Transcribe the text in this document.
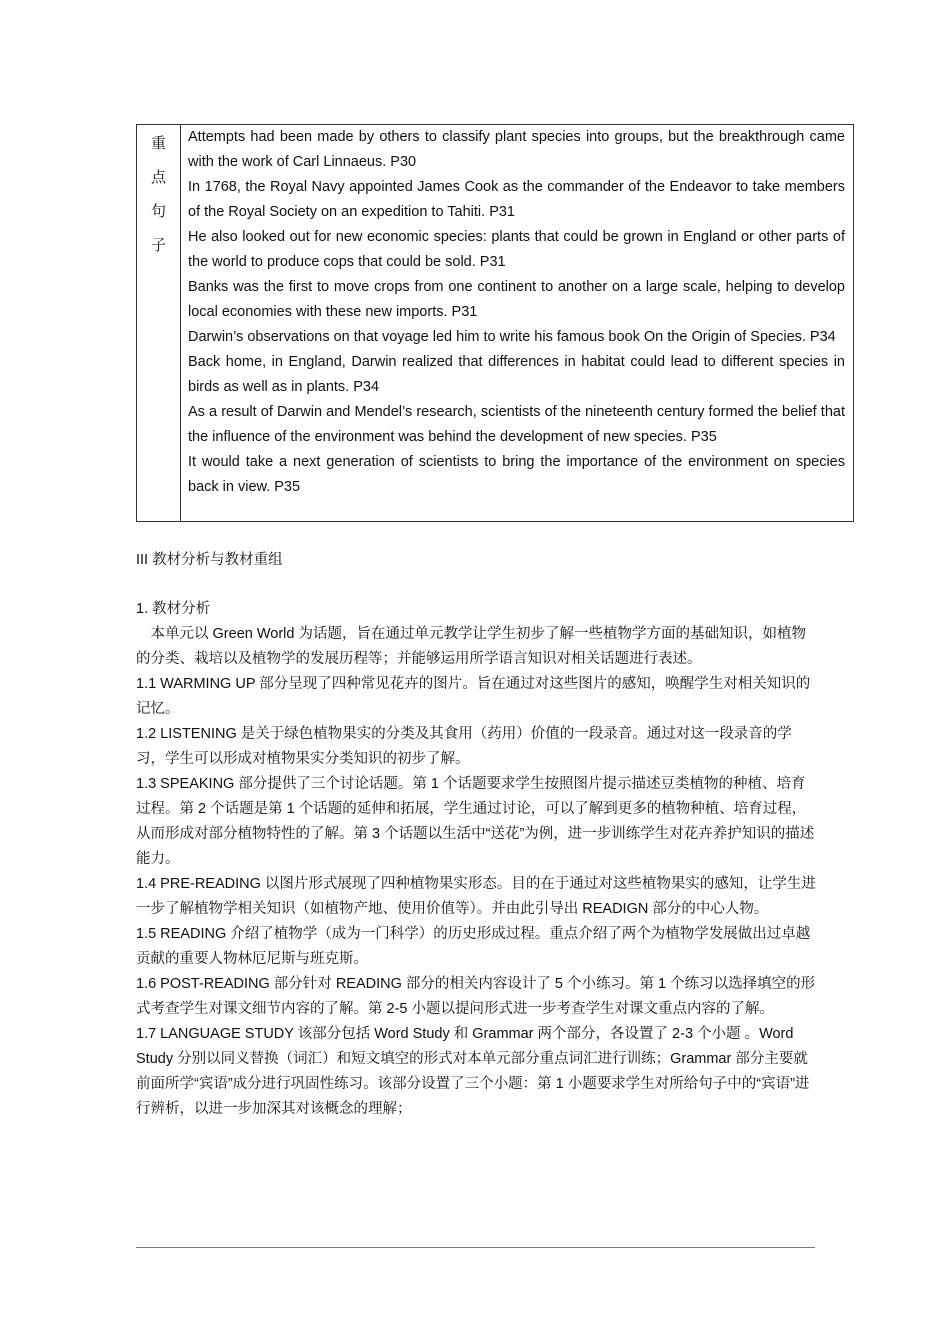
重
点
句
子

Attempts had been made by others to classify plant species into groups, but the breakthrough came with the work of Carl Linnaeus. P30

In 1768, the Royal Navy appointed James Cook as the commander of the Endeavor to take members of the Royal Society on an expedition to Tahiti. P31

He also looked out for new economic species: plants that could be grown in England or other parts of the world to produce cops that could be sold. P31

Banks was the first to move crops from one continent to another on a large scale, helping to develop local economies with these new imports. P31

Darwin’s observations on that voyage led him to write his famous book On the Origin of Species. P34

Back home, in England, Darwin realized that differences in habitat could lead to different species in birds as well as in plants. P34

As a result of Darwin and Mendel’s research, scientists of the nineteenth century formed the belief that the influence of the environment was behind the development of new species. P35

It would take a next generation of scientists to bring the importance of the environment on species back in view. P35

III 教材分析与教材重组

1. 教材分析

本单元以 Green World 为话题，旨在通过单元教学让学生初步了解一些植物学方面的基础知识，如植物的分类、栽培以及植物学的发展历程等；并能够运用所学语言知识对相关话题进行表述。

1.1 WARMING UP 部分呈现了四种常见花卉的图片。旨在通过对这些图片的感知，唤醒学生对相关知识的记忆。

1.2 LISTENING 是关于绿色植物果实的分类及其食用（药用）价值的一段录音。通过对这一段录音的学习，学生可以形成对植物果实分类知识的初步了解。

1.3 SPEAKING 部分提供了三个讨论话题。第 1 个话题要求学生按照图片提示描述豆类植物的种植、培育过程。第 2 个话题是第 1 个话题的延伸和拓展，学生通过讨论，可以了解到更多的植物种植、培育过程，从而形成对部分植物特性的了解。第 3 个话题以生活中“送花”为例，进一步训练学生对花卉养护知识的描述能力。

1.4 PRE-READING 以图片形式展现了四种植物果实形态。目的在于通过对这些植物果实的感知，让学生进一步了解植物学相关知识（如植物产地、使用价值等）。并由此引导出 READIGN 部分的中心人物。

1.5 READING 介绍了植物学（成为一门科学）的历史形成过程。重点介绍了两个为植物学发展做出过卓越贡献的重要人物林厄尼斯与班克斯。

1.6 POST-READING 部分针对 READING 部分的相关内容设计了 5 个小练习。第 1 个练习以选择填空的形式考查学生对课文细节内容的了解。第 2-5 小题以提问形式进一步考查学生对课文重点内容的了解。

1.7 LANGUAGE STUDY 该部分包括 Word Study 和 Grammar 两个部分，各设置了 2-3 个小题 。Word Study 分别以同义替换（词汇）和短文填空的形式对本单元部分重点词汇进行训练；Grammar 部分主要就前面所学“宾语”成分进行巩固性练习。该部分设置了三个小题：第 1 小题要求学生对所给句子中的“宾语”进行辨析，以进一步加深其对该概念的理解；
